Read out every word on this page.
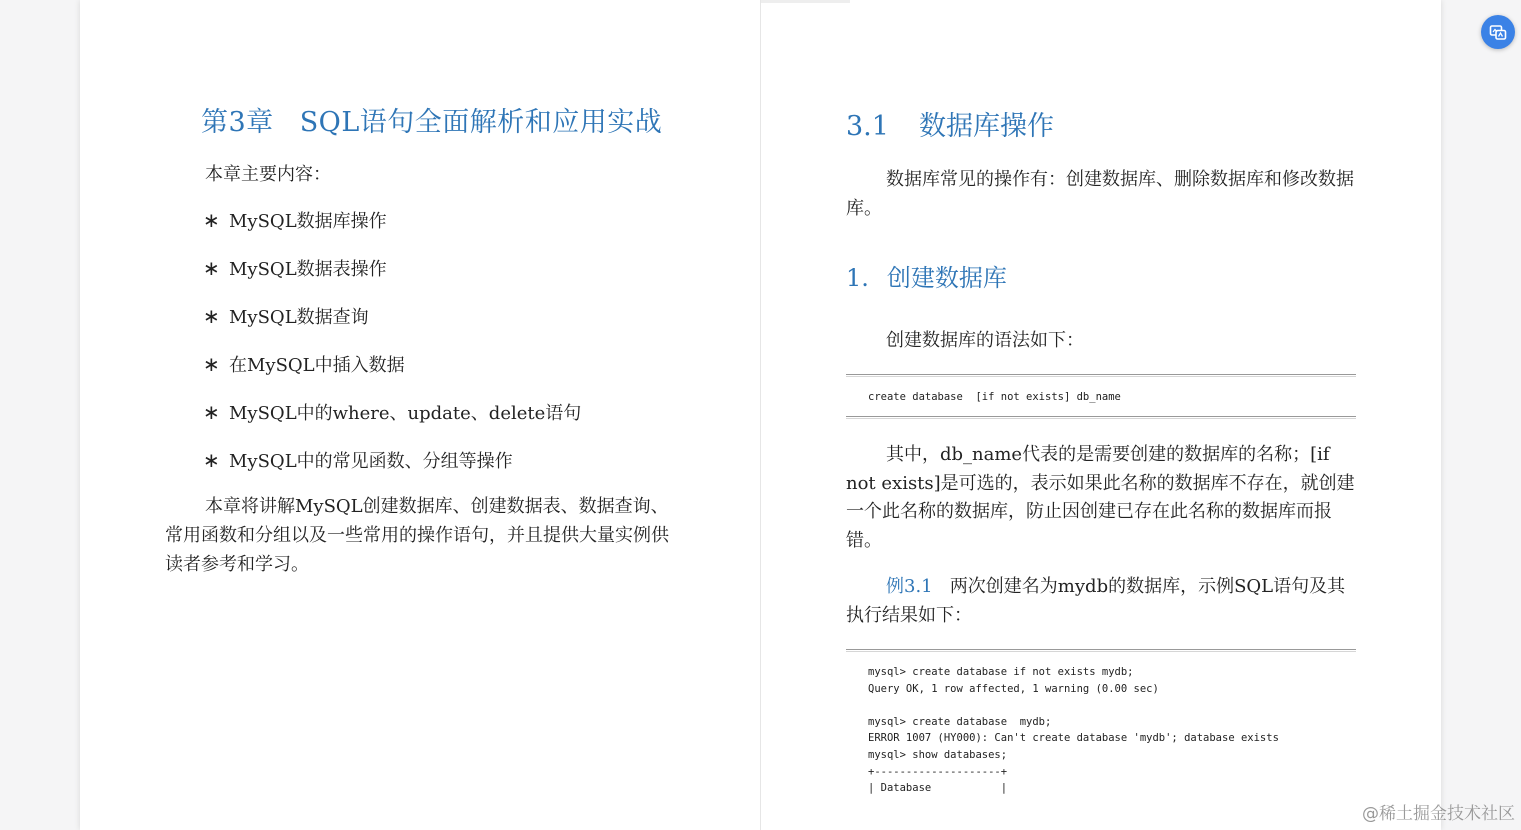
第3章 SQL语句全面解析和应用实战

本章主要内容：

∗ MySQL数据库操作
∗ MySQL数据表操作
∗ MySQL数据查询
∗ 在MySQL中插入数据
∗ MySQL中的where、update、delete语句
∗ MySQL中的常见函数、分组等操作

本章将讲解MySQL创建数据库、创建数据表、数据查询、常用函数和分组以及一些常用的操作语句，并且提供大量实例供读者参考和学习。

3.1 数据库操作

数据库常见的操作有：创建数据库、删除数据库和修改数据库。

1. 创建数据库

创建数据库的语法如下：

create database  [if not exists] db_name

其中，db_name代表的是需要创建的数据库的名称；[if not exists]是可选的，表示如果此名称的数据库不存在，就创建一个此名称的数据库，防止因创建已存在此名称的数据库而报错。

例3.1 两次创建名为mydb的数据库，示例SQL语句及其执行结果如下：

mysql> create database if not exists mydb;
Query OK, 1 row affected, 1 warning (0.00 sec)
mysql> create database  mydb;
ERROR 1007 (HY000): Can't create database 'mydb'; database exists
mysql> show databases;
+--------------------+
| Database           |
@稀土掘金技术社区
